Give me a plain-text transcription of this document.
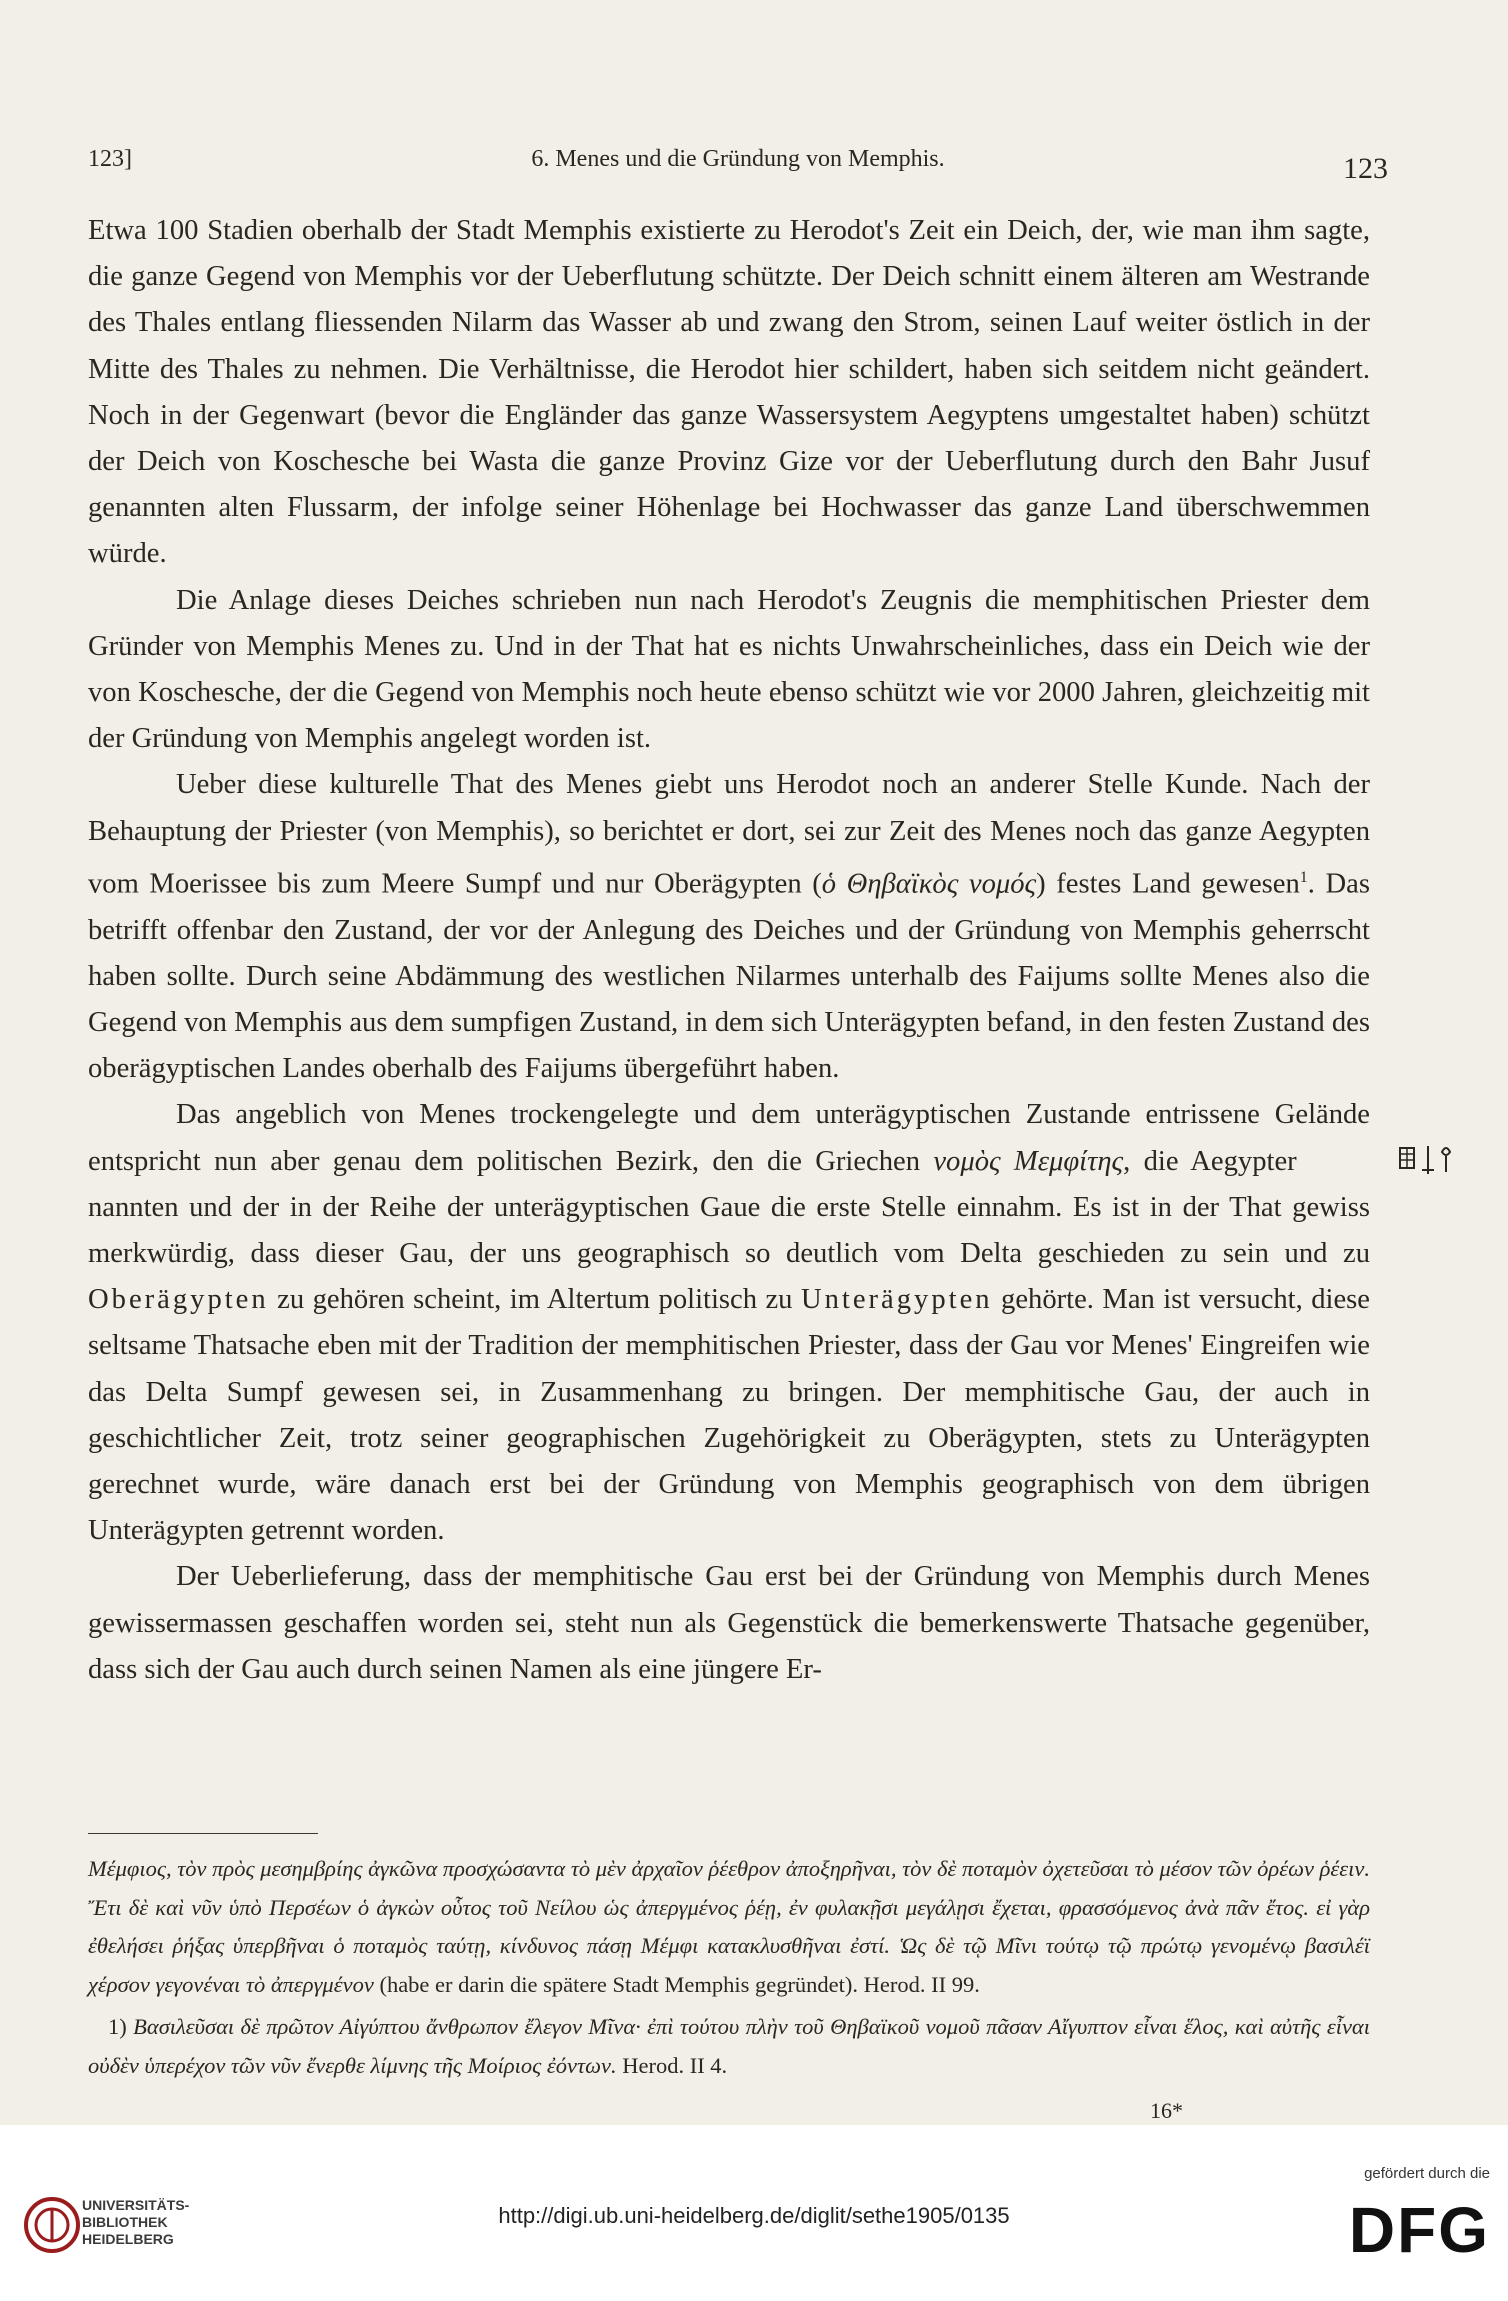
123]	6. Menes und die Gründung von Memphis.	123

Etwa 100 Stadien oberhalb der Stadt Memphis existierte zu Herodot's Zeit ein Deich, der, wie man ihm sagte, die ganze Gegend von Memphis vor der Ueberflutung schützte. Der Deich schnitt einem älteren am Westrande des Thales entlang fliessenden Nilarm das Wasser ab und zwang den Strom, seinen Lauf weiter östlich in der Mitte des Thales zu nehmen. Die Verhältnisse, die Herodot hier schildert, haben sich seitdem nicht geändert. Noch in der Gegenwart (bevor die Engländer das ganze Wassersystem Aegyptens umgestaltet haben) schützt der Deich von Koschesche bei Wasta die ganze Provinz Gize vor der Ueberflutung durch den Bahr Jusuf genannten alten Flussarm, der infolge seiner Höhenlage bei Hochwasser das ganze Land überschwemmen würde.

Die Anlage dieses Deiches schrieben nun nach Herodot's Zeugnis die memphitischen Priester dem Gründer von Memphis Menes zu. Und in der That hat es nichts Unwahrscheinliches, dass ein Deich wie der von Koschesche, der die Gegend von Memphis noch heute ebenso schützt wie vor 2000 Jahren, gleichzeitig mit der Gründung von Memphis angelegt worden ist.

Ueber diese kulturelle That des Menes giebt uns Herodot noch an anderer Stelle Kunde. Nach der Behauptung der Priester (von Memphis), so berichtet er dort, sei zur Zeit des Menes noch das ganze Aegypten vom Moerissee bis zum Meere Sumpf und nur Oberägypten (ὁ Θηβαϊκὸς νομός) festes Land gewesen$^1$. Das betrifft offenbar den Zustand, der vor der Anlegung des Deiches und der Gründung von Memphis geherrscht haben sollte. Durch seine Abdämmung des westlichen Nilarmes unterhalb des Faijums sollte Menes also die Gegend von Memphis aus dem sumpfigen Zustand, in dem sich Unterägypten befand, in den festen Zustand des oberägyptischen Landes oberhalb des Faijums übergeführt haben.

Das angeblich von Menes trockengelegte und dem unterägyptischen Zustande entrissene Gelände entspricht nun aber genau dem politischen Bezirk, den die Griechen νομὸς Μεμφίτης, die Aegypter  nannten und der in der Reihe der unterägyptischen Gaue die erste Stelle einnahm. Es ist in der That gewiss merkwürdig, dass dieser Gau, der uns geographisch so deutlich vom Delta geschieden zu sein und zu Oberägypten zu gehören scheint, im Altertum politisch zu Unterägypten gehörte. Man ist versucht, diese seltsame Thatsache eben mit der Tradition der memphitischen Priester, dass der Gau vor Menes' Eingreifen wie das Delta Sumpf gewesen sei, in Zusammenhang zu bringen. Der memphitische Gau, der auch in geschichtlicher Zeit, trotz seiner geographischen Zugehörigkeit zu Oberägypten, stets zu Unterägypten gerechnet wurde, wäre danach erst bei der Gründung von Memphis geographisch von dem übrigen Unterägypten getrennt worden.

Der Ueberlieferung, dass der memphitische Gau erst bei der Gründung von Memphis durch Menes gewissermassen geschaffen worden sei, steht nun als Gegenstück die bemerkenswerte Thatsache gegenüber, dass sich der Gau auch durch seinen Namen als eine jüngere Er-

Μέμφιος, τὸν πρὸς μεσημβρίης ἀγκῶνα προσχώσαντα τὸ μὲν ἀρχαῖον ῥέεθρον ἀποξηρῆναι, τὸν δὲ ποταμὸν ὀχετεῦσαι τὸ μέσον τῶν ὀρέων ῥέειν. Ἔτι δὲ καὶ νῦν ὑπὸ Περσέων ὁ ἀγκὼν οὗτος τοῦ Νείλου ὡς ἀπεργμένος ῥέῃ, ἐν φυλακῇσι μεγάλῃσι ἔχεται, φρασσόμενος ἀνὰ πᾶν ἔτος. εἰ γὰρ ἐθελήσει ῥήξας ὑπερβῆναι ὁ ποταμὸς ταύτῃ, κίνδυνος πάσῃ Μέμφι κατακλυσθῆναι ἐστί. Ὡς δὲ τῷ Μῖνι τούτῳ τῷ πρώτῳ γενομένῳ βασιλέϊ χέρσον γεγονέναι τὸ ἀπεργμένον (habe er darin die spätere Stadt Memphis gegründet). Herod. II 99.

1) Βασιλεῦσαι δὲ πρῶτον Αἰγύπτου ἄνθρωπον ἔλεγον Μῖνα· ἐπὶ τούτου πλὴν τοῦ Θηβαϊκοῦ νομοῦ πᾶσαν Αἴγυπτον εἶναι ἕλος, καὶ αὐτῆς εἶναι οὐδὲν ὑπερέχον τῶν νῦν ἔνερθε λίμνης τῆς Μοίριος ἐόντων. Herod. II 4.

16*
UNIVERSITÄTS-
BIBLIOTHEK
HEIDELBERG
http://digi.ub.uni-heidelberg.de/diglit/sethe1905/0135
gefördert durch die
DFG
